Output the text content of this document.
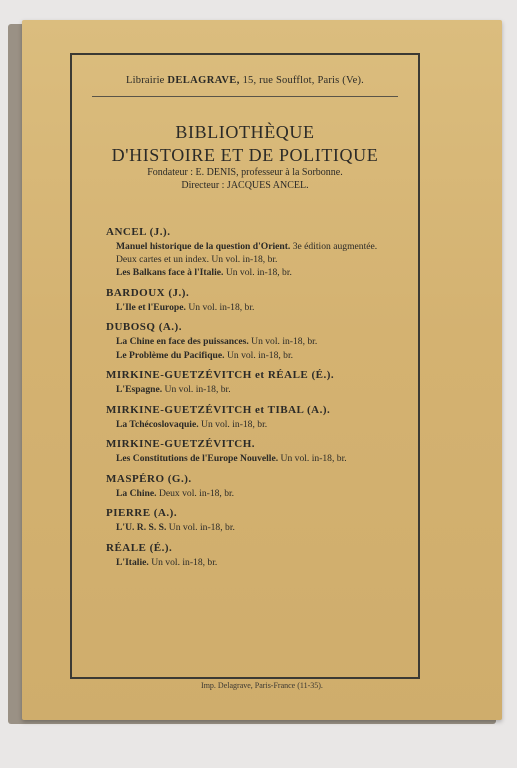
Librairie DELAGRAVE, 15, rue Soufflot, Paris (Ve).
BIBLIOTHÈQUE
D'HISTOIRE ET DE POLITIQUE
Fondateur : E. DENIS, professeur à la Sorbonne.
Directeur : JACQUES ANCEL.
ANCEL (J.).
Manuel historique de la question d'Orient. 3e édition augmentée. Deux cartes et un index. Un vol. in-18, br.
Les Balkans face à l'Italie. Un vol. in-18, br.
BARDOUX (J.).
L'Ile et l'Europe. Un vol. in-18, br.
DUBOSQ (A.).
La Chine en face des puissances. Un vol. in-18, br.
Le Problème du Pacifique. Un vol. in-18, br.
MIRKINE-GUETZÉVITCH et RÉALE (É.).
L'Espagne. Un vol. in-18, br.
MIRKINE-GUETZÉVITCH et TIBAL (A.).
La Tchécoslovaquie. Un vol. in-18, br.
MIRKINE-GUETZÉVITCH.
Les Constitutions de l'Europe Nouvelle. Un vol. in-18, br.
MASPÉRO (G.).
La Chine. Deux vol. in-18, br.
PIERRE (A.).
L'U. R. S. S. Un vol. in-18, br.
RÉALE (É.).
L'Italie. Un vol. in-18, br.
Imp. Delagrave, Paris-France (11-35).
